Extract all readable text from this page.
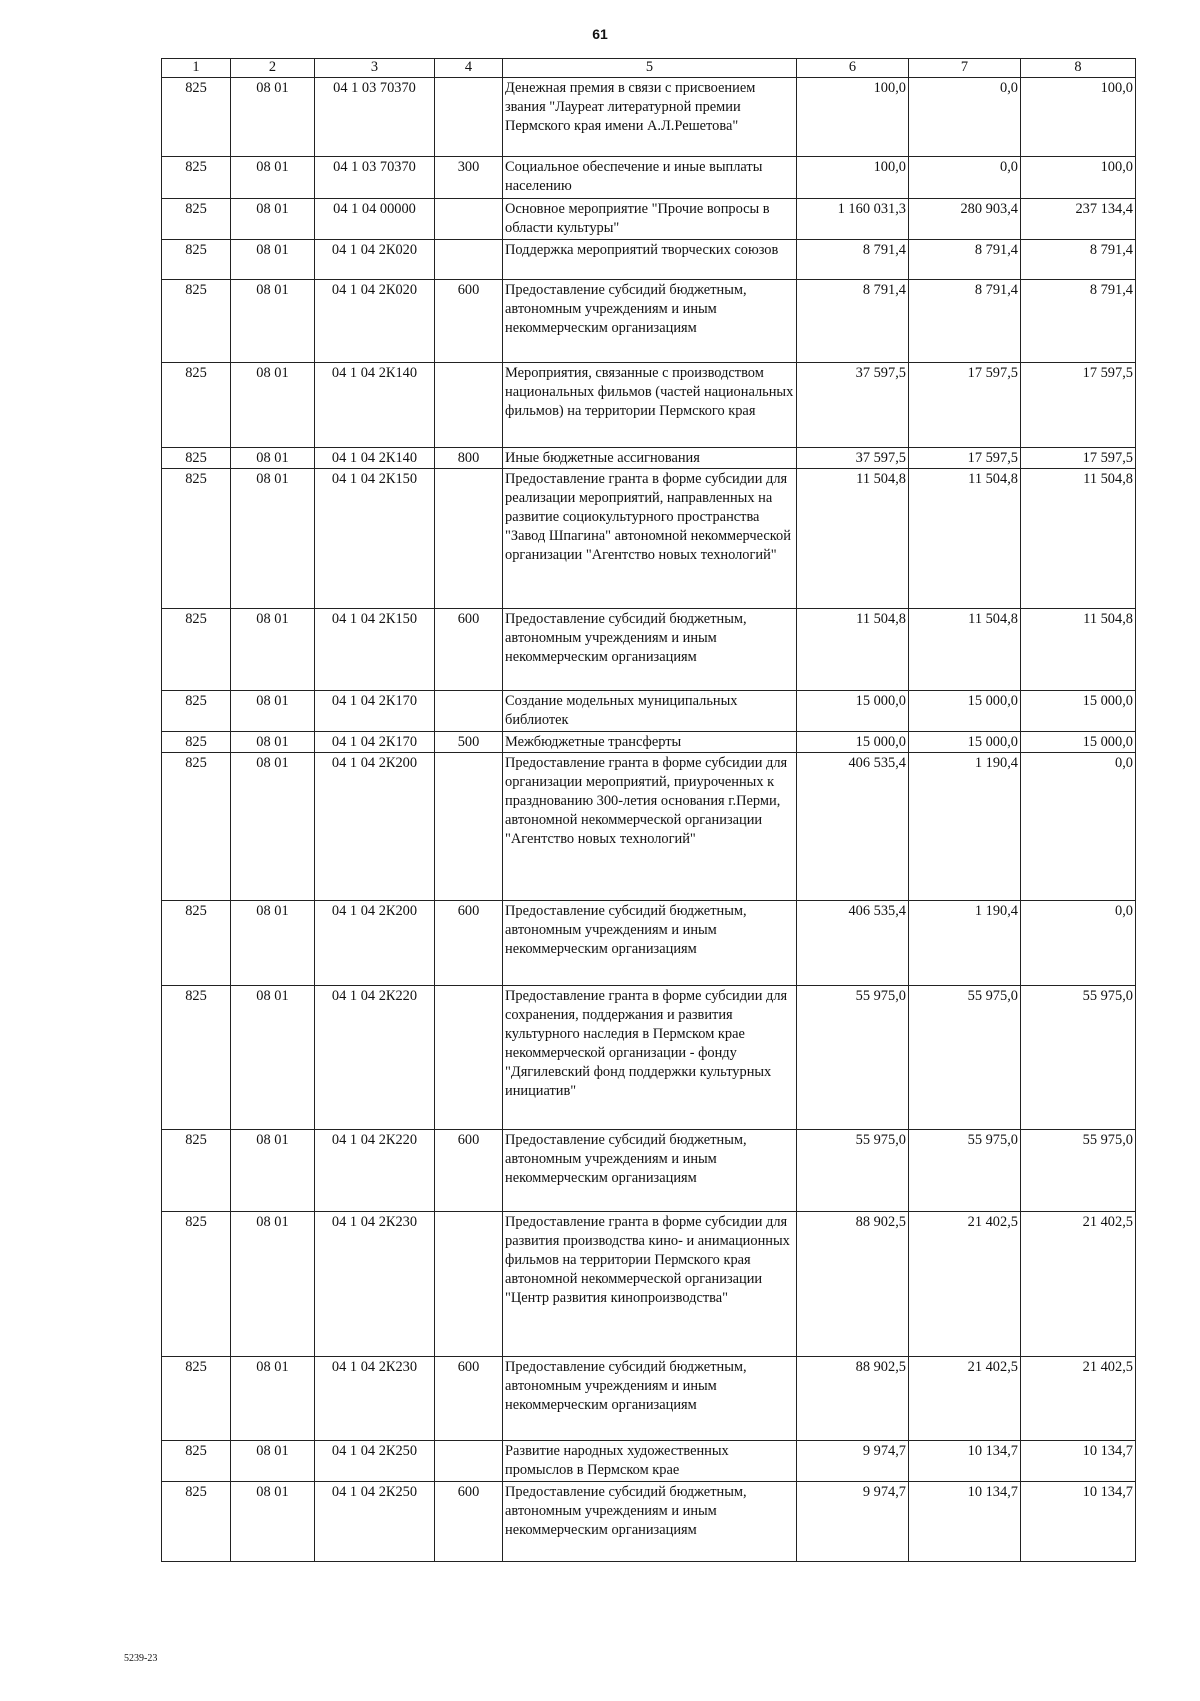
61
1	2	3	4	5	6	7	8
825	08 01	04 1 03 70370		Денежная премия в связи с присвоением звания "Лауреат литературной премии Пермского края имени А.Л.Решетова"	100,0	0,0	100,0
825	08 01	04 1 03 70370	300	Социальное обеспечение и иные выплаты населению	100,0	0,0	100,0
825	08 01	04 1 04 00000		Основное мероприятие "Прочие вопросы в области культуры"	1 160 031,3	280 903,4	237 134,4
825	08 01	04 1 04 2К020		Поддержка мероприятий творческих союзов	8 791,4	8 791,4	8 791,4
825	08 01	04 1 04 2К020	600	Предоставление субсидий бюджетным, автономным учреждениям и иным некоммерческим организациям	8 791,4	8 791,4	8 791,4
825	08 01	04 1 04 2К140		Мероприятия, связанные с производством национальных фильмов (частей национальных фильмов) на территории Пермского края	37 597,5	17 597,5	17 597,5
825	08 01	04 1 04 2К140	800	Иные бюджетные ассигнования	37 597,5	17 597,5	17 597,5
825	08 01	04 1 04 2К150		Предоставление гранта в форме субсидии для реализации мероприятий, направленных на развитие социокультурного пространства "Завод Шпагина" автономной некоммерческой организации "Агентство новых технологий"	11 504,8	11 504,8	11 504,8
825	08 01	04 1 04 2К150	600	Предоставление субсидий бюджетным, автономным учреждениям и иным некоммерческим организациям	11 504,8	11 504,8	11 504,8
825	08 01	04 1 04 2К170		Создание модельных муниципальных библиотек	15 000,0	15 000,0	15 000,0
825	08 01	04 1 04 2К170	500	Межбюджетные трансферты	15 000,0	15 000,0	15 000,0
825	08 01	04 1 04 2К200		Предоставление гранта в форме субсидии для организации мероприятий, приуроченных к празднованию 300-летия основания г.Перми, автономной некоммерческой организации "Агентство новых технологий"	406 535,4	1 190,4	0,0
825	08 01	04 1 04 2К200	600	Предоставление субсидий бюджетным, автономным учреждениям и иным некоммерческим организациям	406 535,4	1 190,4	0,0
825	08 01	04 1 04 2К220		Предоставление гранта в форме субсидии для сохранения, поддержания и развития культурного наследия в Пермском крае некоммерческой организации - фонду "Дягилевский фонд поддержки культурных инициатив"	55 975,0	55 975,0	55 975,0
825	08 01	04 1 04 2К220	600	Предоставление субсидий бюджетным, автономным учреждениям и иным некоммерческим организациям	55 975,0	55 975,0	55 975,0
825	08 01	04 1 04 2К230		Предоставление гранта в форме субсидии для развития производства кино- и анимационных фильмов на территории Пермского края автономной некоммерческой организации "Центр развития кинопроизводства"	88 902,5	21 402,5	21 402,5
825	08 01	04 1 04 2К230	600	Предоставление субсидий бюджетным, автономным учреждениям и иным некоммерческим организациям	88 902,5	21 402,5	21 402,5
825	08 01	04 1 04 2К250		Развитие народных художественных промыслов в Пермском крае	9 974,7	10 134,7	10 134,7
825	08 01	04 1 04 2К250	600	Предоставление субсидий бюджетным, автономным учреждениям и иным некоммерческим организациям	9 974,7	10 134,7	10 134,7
5239-23
